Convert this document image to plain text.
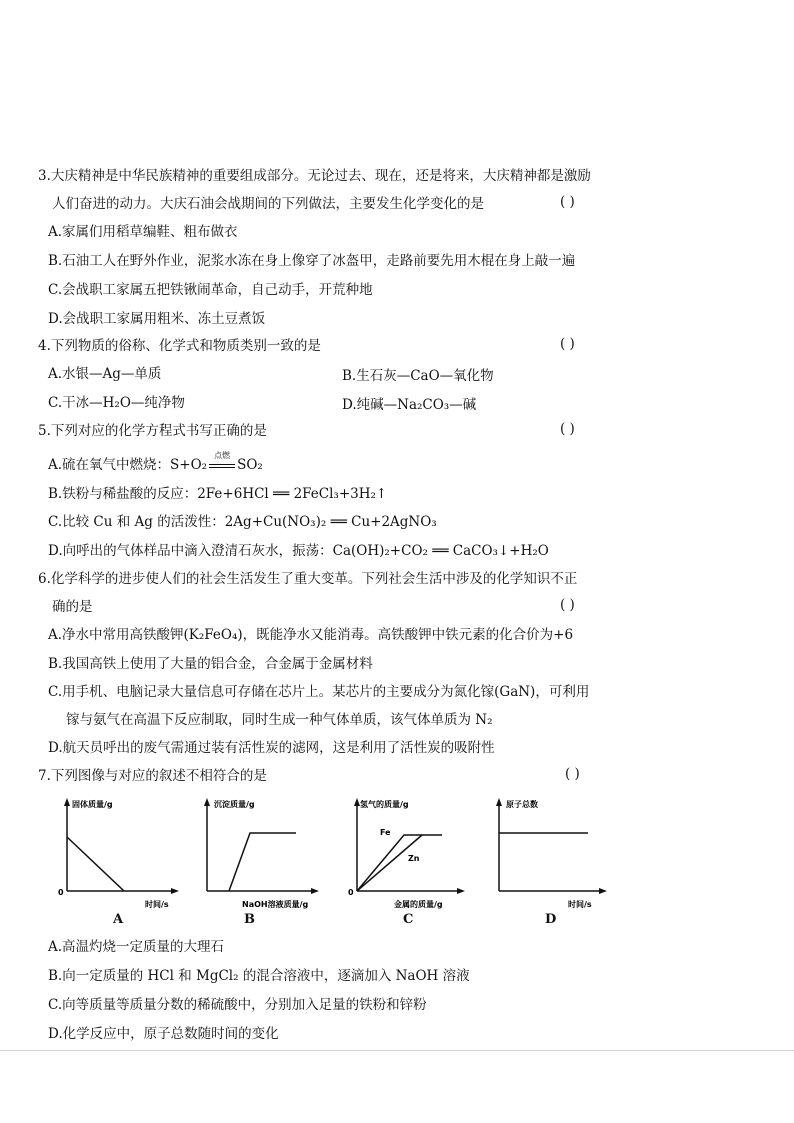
3.大庆精神是中华民族精神的重要组成部分。无论过去、现在，还是将来，大庆精神都是激励
人们奋进的动力。大庆石油会战期间的下列做法，主要发生化学变化的是	( )
A.家属们用稻草编鞋、粗布做衣
B.石油工人在野外作业，泥浆水冻在身上像穿了冰盔甲，走路前要先用木棍在身上敲一遍
C.会战职工家属五把铁锹闹革命，自己动手，开荒种地
D.会战职工家属用粗米、冻土豆煮饭
4.下列物质的俗称、化学式和物质类别一致的是	( )
A.水银—Ag—单质	B.生石灰—CaO—氧化物
C.干冰—H₂O—纯净物	D.纯碱—Na₂CO₃—碱
5.下列对应的化学方程式书写正确的是	( )
A.硫在氧气中燃烧：S+O₂
点燃
SO₂
B.铁粉与稀盐酸的反应：2Fe+6HCl ══ 2FeCl₃+3H₂↑
C.比较 Cu 和 Ag 的活泼性：2Ag+Cu(NO₃)₂ ══ Cu+2AgNO₃
D.向呼出的气体样品中滴入澄清石灰水，振荡：Ca(OH)₂+CO₂ ══ CaCO₃↓+H₂O
6.化学科学的进步使人们的社会生活发生了重大变革。下列社会生活中涉及的化学知识不正
确的是	( )
A.净水中常用高铁酸钾(K₂FeO₄)，既能净水又能消毒。高铁酸钾中铁元素的化合价为+6
B.我国高铁上使用了大量的铝合金，合金属于金属材料
C.用手机、电脑记录大量信息可存储在芯片上。某芯片的主要成分为氮化镓(GaN)，可利用
镓与氨气在高温下反应制取，同时生成一种气体单质，该气体单质为 N₂
D.航天员呼出的废气需通过装有活性炭的滤网，这是利用了活性炭的吸附性
7.下列图像与对应的叙述不相符合的是	( )
固体质量/g
0
时间/s
A
沉淀质量/g
NaOH溶液质量/g
B
氢气的质量/g
0
Fe
Zn
金属的质量/g
C
原子总数
时间/s
D
A.高温灼烧一定质量的大理石
B.向一定质量的 HCl 和 MgCl₂ 的混合溶液中，逐滴加入 NaOH 溶液
C.向等质量等质量分数的稀硫酸中，分别加入足量的铁粉和锌粉
D.化学反应中，原子总数随时间的变化
